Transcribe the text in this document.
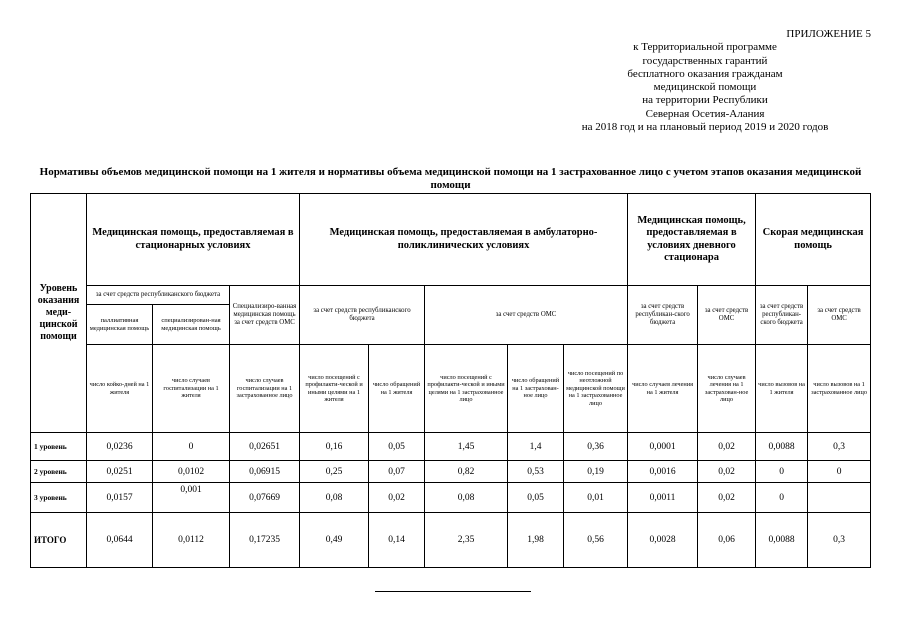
ПРИЛОЖЕНИЕ 5
к Территориальной программе
государственных гарантий
бесплатного оказания гражданам
медицинской помощи
на территории Республики
Северная Осетия-Алания
на 2018 год и на плановый период 2019 и 2020 годов
Нормативы объемов медицинской помощи на 1 жителя и нормативы объема медицинской помощи на 1 застрахованное лицо с учетом этапов оказания медицинской помощи
Уровень оказания меди-цинской помощи	Медицинская помощь, предоставляемая в стационарных условиях			Медицинская помощь, предоставляемая в амбулаторно-поликлинических условиях					Медицинская помощь, предоставляемая в условиях дневного стационара		Скорая медицинская помощь	
	за счет средств республиканского бюджета		Специализиро-ванная медицинская помощь за счет средств ОМС	за счет средств республиканского бюджета		за счет средств ОМС			за счет средств республикан-ского бюджета	за счет средств ОМС	за счет средств республикан-ского бюджета	за счет средств ОМС
	паллиативная медицинская помощь	специализирован-ная медицинская помощь										
	число койко-дней на 1 жителя	число случаев госпитализации на 1 жителя	число случаев госпитализации на 1 застрахованное лицо	число посещений с профилакти-ческой и иными целями на 1 жителя	число обращений на 1 жителя	число посещений с профилакти-ческой и иными целями на 1 застрахованное лицо	число обращений на 1 застрахован-ное лицо	число посещений по неотложной медицинской помощи на 1 застрахованное лицо	число случаев лечения на 1 жителя	число случаев лечения на 1 застрахован-ное лицо	число вызовов на 1 жителя	число вызовов на 1 застрахованное лицо
1 уровень	0,0236	0	0,02651	0,16	0,05	1,45	1,4	0,36	0,0001	0,02	0,0088	0,3
2 уровень	0,0251	0,0102	0,06915	0,25	0,07	0,82	0,53	0,19	0,0016	0,02	0	0
3 уровень	0,0157	0,001	0,07669	0,08	0,02	0,08	0,05	0,01	0,0011	0,02	0	
ИТОГО	0,0644	0,0112	0,17235	0,49	0,14	2,35	1,98	0,56	0,0028	0,06	0,0088	0,3
